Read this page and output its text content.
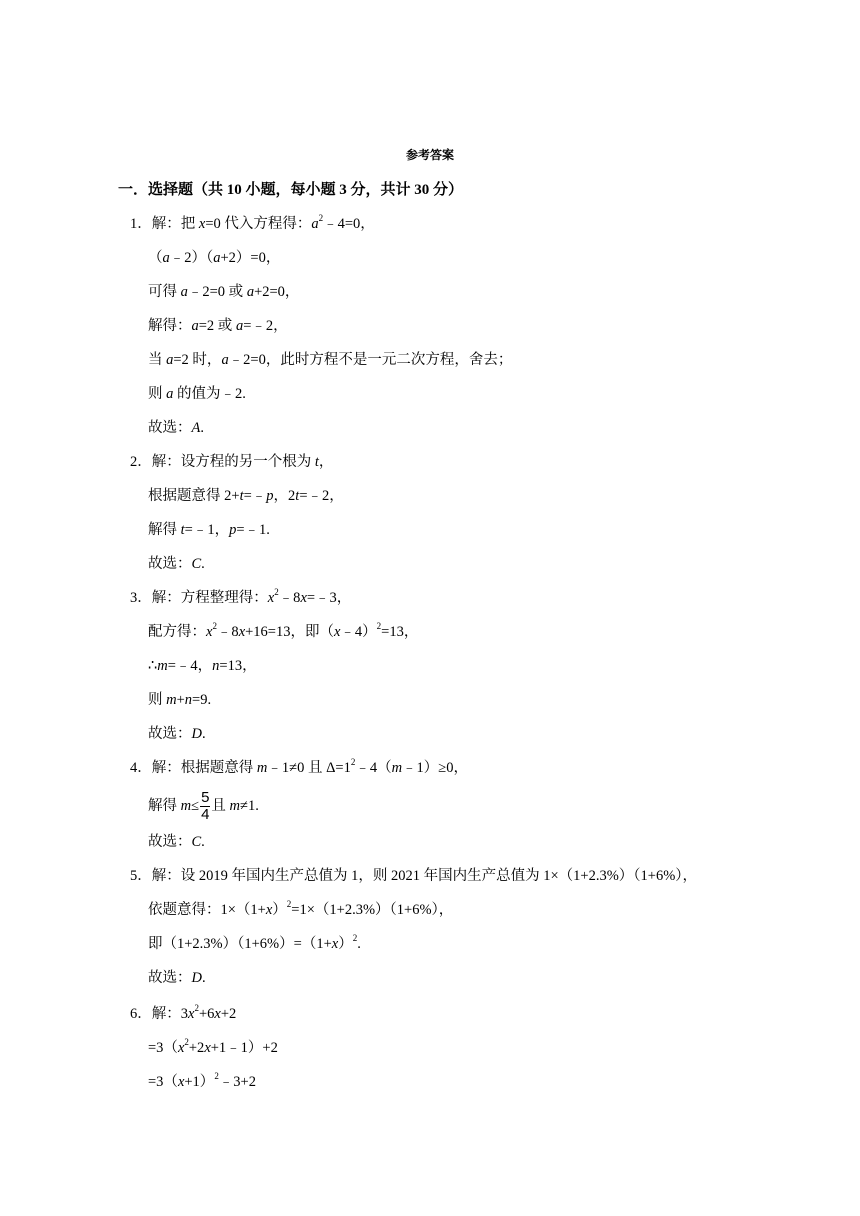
参考答案
一．选择题（共 10 小题，每小题 3 分，共计 30 分）
1．解：把 x=0 代入方程得：$a^2﹣4=0$，
（a﹣2）（a+2）=0，
可得 a﹣2=0 或 a+2=0，
解得：a=2 或 a=﹣2，
当 a=2 时，a﹣2=0，此时方程不是一元二次方程，舍去；
则 a 的值为﹣2.
故选：A.
2．解：设方程的另一个根为 t，
根据题意得 2+t=﹣p，2t=﹣2，
解得 t=﹣1，p=﹣1.
故选：C.
3．解：方程整理得：$x^2﹣8x=﹣3$，
配方得：$x^2﹣8x+16=13$，即（x﹣4）$^2$=13，
∴m=﹣4，n=13，
则 m+n=9.
故选：D.
4．解：根据题意得 m﹣1≠0 且 $\Delta=1^2﹣4(m﹣1)\ge 0$，
解得 $m\le \frac{5}{4}$ 且 m≠1.
故选：C.
5．解：设 2019 年国内生产总值为 1，则 2021 年国内生产总值为 1×（1+2.3%）（1+6%），
依题意得：$1\times(1+x)^2=1\times(1+2.3\%)(1+6\%)$，
即$(1+2.3\%)(1+6\%)=(1+x)^2$.
故选：D.
6．解：$3x^2+6x+2$
$=3(x^2+2x+1﹣1)+2$
$=3(x+1)^2﹣3+2$
